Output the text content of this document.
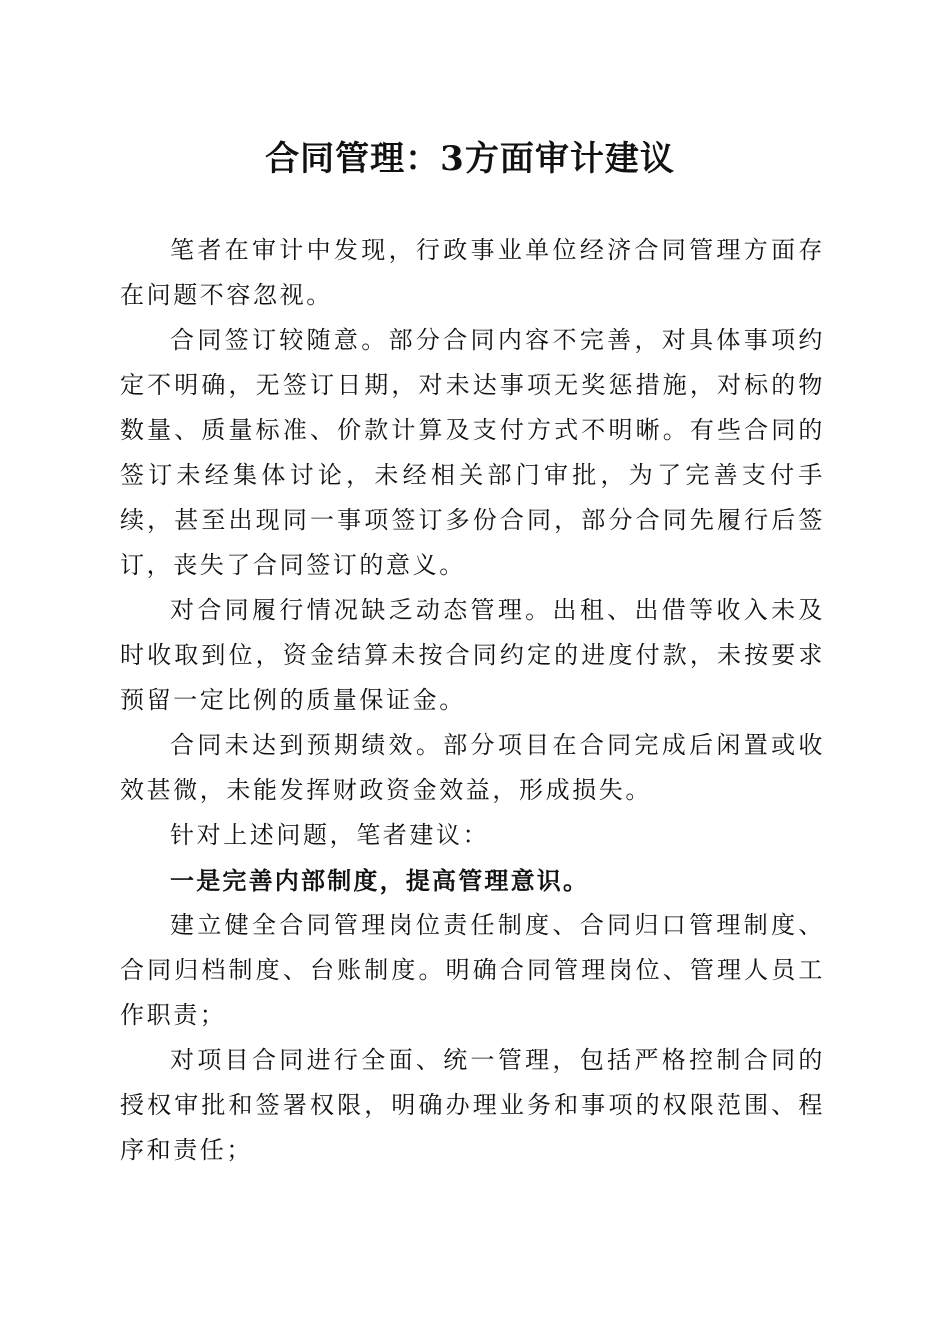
合同管理：3方面审计建议

笔者在审计中发现，行政事业单位经济合同管理方面存在问题不容忽视。

合同签订较随意。部分合同内容不完善，对具体事项约定不明确，无签订日期，对未达事项无奖惩措施，对标的物数量、质量标准、价款计算及支付方式不明晰。有些合同的签订未经集体讨论，未经相关部门审批，为了完善支付手续，甚至出现同一事项签订多份合同，部分合同先履行后签订，丧失了合同签订的意义。

对合同履行情况缺乏动态管理。出租、出借等收入未及时收取到位，资金结算未按合同约定的进度付款，未按要求预留一定比例的质量保证金。

合同未达到预期绩效。部分项目在合同完成后闲置或收效甚微，未能发挥财政资金效益，形成损失。

针对上述问题，笔者建议：

一是完善内部制度，提高管理意识。

建立健全合同管理岗位责任制度、合同归口管理制度、合同归档制度、台账制度。明确合同管理岗位、管理人员工作职责；

对项目合同进行全面、统一管理，包括严格控制合同的授权审批和签署权限，明确办理业务和事项的权限范围、程序和责任；
